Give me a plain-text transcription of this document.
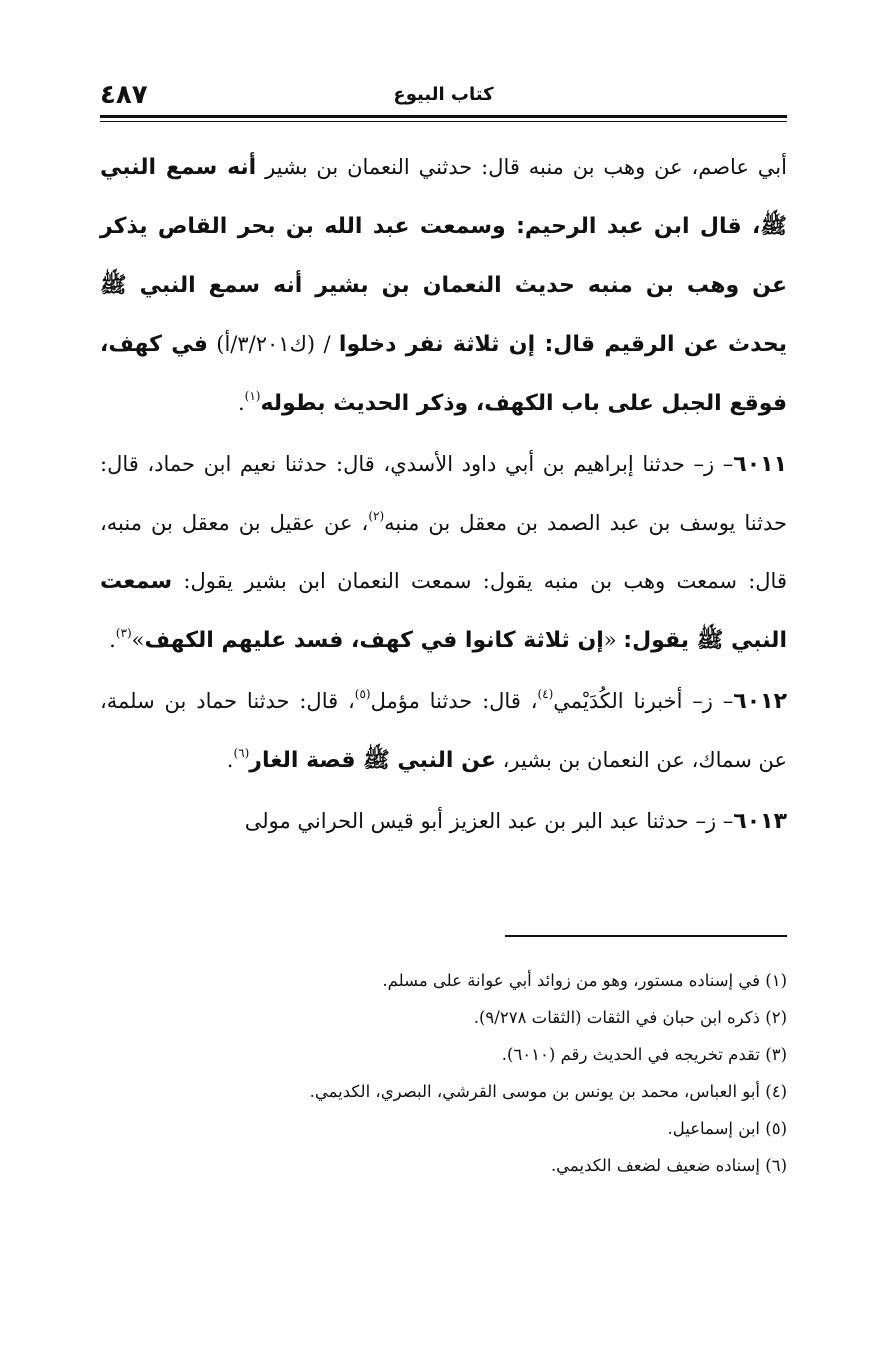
٤٨٧	كتاب البيوع

أبي عاصم، عن وهب بن منبه قال: حدثني النعمان بن بشير أنه سمع النبي ﷺ، قال ابن عبد الرحيم: وسمعت عبد الله بن بحر القاص يذكر عن وهب بن منبه حديث النعمان بن بشير أنه سمع النبي ﷺ يحدث عن الرقيم قال: إن ثلاثة نفر دخلوا / (ك٣/٢٠١/أ) في كهف، فوقع الجبل على باب الكهف، وذكر الحديث بطوله$^{(١)}$.

٦٠١١– ز– حدثنا إبراهيم بن أبي داود الأسدي، قال: حدثنا نعيم ابن حماد، قال: حدثنا يوسف بن عبد الصمد بن معقل بن منبه$^{(٢)}$، عن عقيل بن معقل بن منبه، قال: سمعت وهب بن منبه يقول: سمعت النعمان ابن بشير يقول: سمعت النبي ﷺ يقول: «إن ثلاثة كانوا في كهف، فسد عليهم الكهف»$^{(٣)}$.

٦٠١٢– ز– أخبرنا الكُدَيْمي$^{(٤)}$، قال: حدثنا مؤمل$^{(٥)}$، قال: حدثنا حماد بن سلمة، عن سماك، عن النعمان بن بشير، عن النبي ﷺ قصة الغار$^{(٦)}$.

٦٠١٣– ز– حدثنا عبد البر بن عبد العزيز أبو قيس الحراني مولى

(١) في إسناده مستور، وهو من زوائد أبي عوانة على مسلم.
(٢) ذكره ابن حبان في الثقات (الثقات ٩/٢٧٨).
(٣) تقدم تخريجه في الحديث رقم (٦٠١٠).
(٤) أبو العباس، محمد بن يونس بن موسى القرشي، البصري، الكديمي.
(٥) ابن إسماعيل.
(٦) إسناده ضعيف لضعف الكديمي.
